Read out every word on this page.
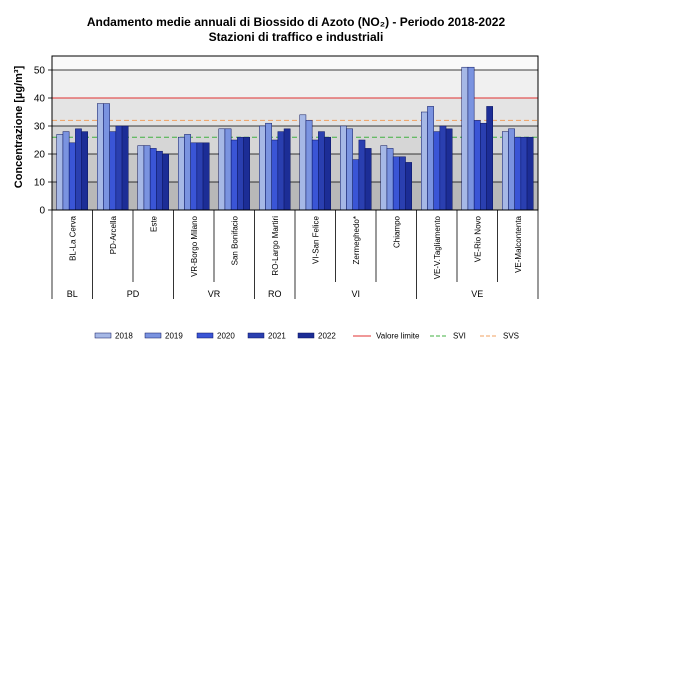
Andamento medie annuali di Biossido di Azoto (NO₂) - Periodo 2018-2022
Stazioni di traffico e industriali
Concentrazione [µg/m³]
0
10
20
30
40
50
BL-La Cerva	PD-Arcella	Este	VR-Borgo Milano	San Bonifacio	RO-Largo Martiri	VI-San Felice	Zermeghedo*	Chiampo	VE-V.Tagliamento	VE-Rio Novo	VE-Malcontenta
BL	PD	VR	RO	VI	VE
2018	2019	2020	2021	2022	Valore limite	SVI	SVS
